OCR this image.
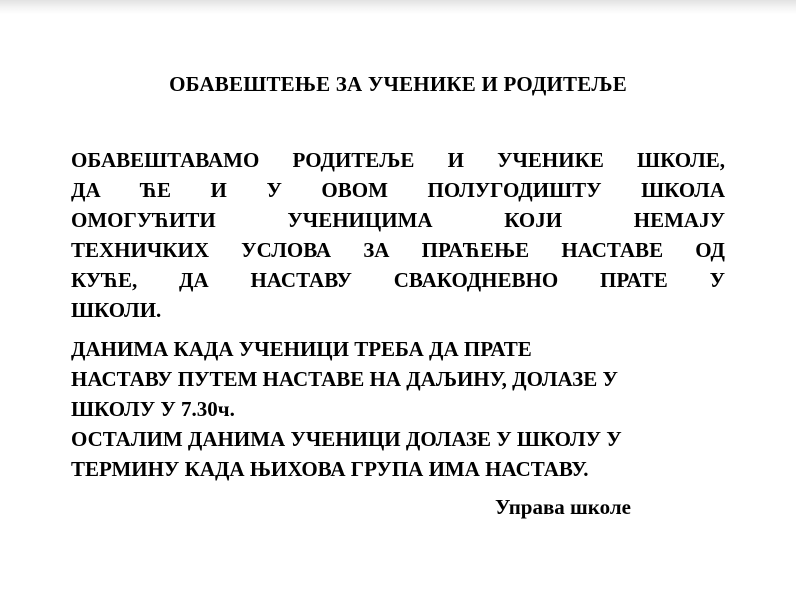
ОБАВЕШТЕЊЕ ЗА УЧЕНИКЕ И РОДИТЕЉЕ
ОБАВЕШТАВАМО РОДИТЕЉЕ И УЧЕНИКЕ ШКОЛЕ,
ДА ЋЕ И У ОВОМ ПОЛУГОДИШТУ ШКОЛА
ОМОГУЋИТИ УЧЕНИЦИМА КОЈИ НЕМАЈУ
ТЕХНИЧКИХ УСЛОВА ЗА ПРАЋЕЊЕ НАСТАВЕ ОД
КУЋЕ, ДА НАСТАВУ СВАКОДНЕВНО ПРАТЕ У
ШКОЛИ.
ДАНИМА КАДА УЧЕНИЦИ ТРЕБА ДА ПРАТЕ
НАСТАВУ ПУТЕМ НАСТАВЕ НА ДАЉИНУ, ДОЛАЗЕ У
ШКОЛУ У 7.30ч.
ОСТАЛИМ ДАНИМА УЧЕНИЦИ ДОЛАЗЕ У ШКОЛУ У
ТЕРМИНУ КАДА ЊИХОВА ГРУПА ИМА НАСТАВУ.
Управа школе
